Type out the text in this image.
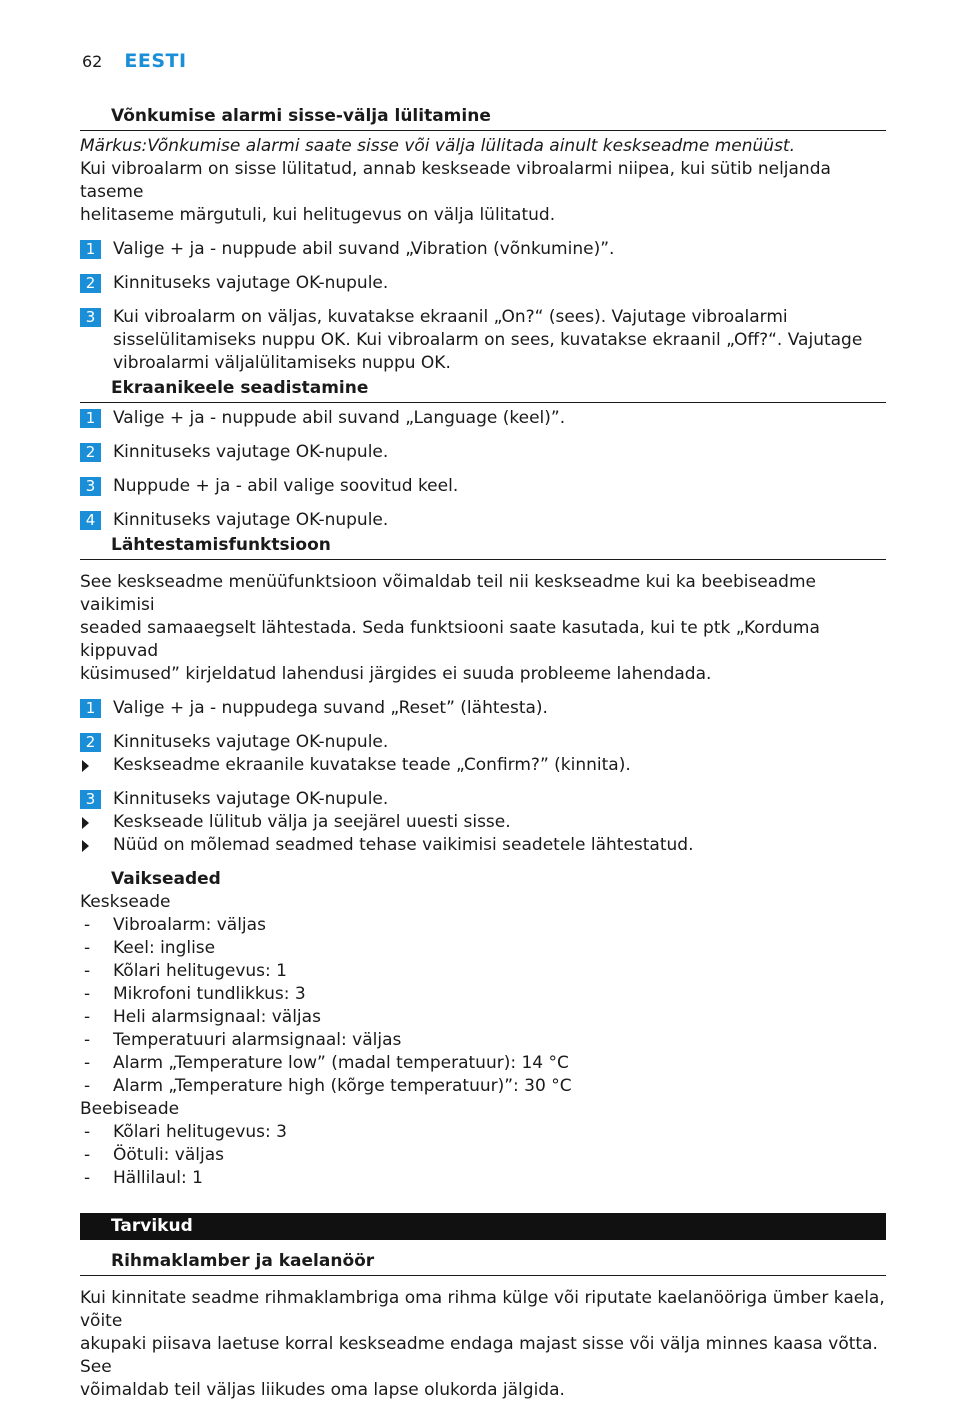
62 EESTI
Võnkumise alarmi sisse-välja lülitamine
Märkus:Võnkumise alarmi saate sisse või välja lülitada ainult keskseadme menüüst.
Kui vibroalarm on sisse lülitatud, annab keskseade vibroalarmi niipea, kui sütib neljanda taseme
helitaseme märgutuli, kui helitugevus on välja lülitatud.
1	Valige + ja - nuppude abil suvand „Vibration (võnkumine)”.
2	Kinnituseks vajutage OK-nupule.
3	Kui vibroalarm on väljas, kuvatakse ekraanil „On?“ (sees). Vajutage vibroalarmi
sisselülitamiseks nuppu OK. Kui vibroalarm on sees, kuvatakse ekraanil „Off?“. Vajutage
vibroalarmi väljalülitamiseks nuppu OK.
Ekraanikeele seadistamine
1	Valige + ja - nuppude abil suvand „Language (keel)”.
2	Kinnituseks vajutage OK-nupule.
3	Nuppude + ja - abil valige soovitud keel.
4	Kinnituseks vajutage OK-nupule.
Lähtestamisfunktsioon
See keskseadme menüüfunktsioon võimaldab teil nii keskseadme kui ka beebiseadme vaikimisi
seaded samaaegselt lähtestada. Seda funktsiooni saate kasutada, kui te ptk „Korduma kippuvad
küsimused” kirjeldatud lahendusi järgides ei suuda probleeme lahendada.
1	Valige + ja - nuppudega suvand „Reset” (lähtesta).
2	Kinnituseks vajutage OK-nupule.
Keskseadme ekraanile kuvatakse teade „Confirm?” (kinnita).
3	Kinnituseks vajutage OK-nupule.
Keskseade lülitub välja ja seejärel uuesti sisse.
Nüüd on mõlemad seadmed tehase vaikimisi seadetele lähtestatud.
Vaikseaded
Keskseade
-	Vibroalarm: väljas
-	Keel: inglise
-	Kõlari helitugevus: 1
-	Mikrofoni tundlikkus: 3
-	Heli alarmsignaal: väljas
-	Temperatuuri alarmsignaal: väljas
-	Alarm „Temperature low” (madal temperatuur): 14 °C
-	Alarm „Temperature high (kõrge temperatuur)”: 30 °C
Beebiseade
-	Kõlari helitugevus: 3
-	Öötuli: väljas
-	Hällilaul: 1
Tarvikud
Rihmaklamber ja kaelanöör
Kui kinnitate seadme rihmaklambriga oma rihma külge või riputate kaelanööriga ümber kaela, võite
akupaki piisava laetuse korral keskseadme endaga majast sisse või välja minnes kaasa võtta. See
võimaldab teil väljas liikudes oma lapse olukorda jälgida.
